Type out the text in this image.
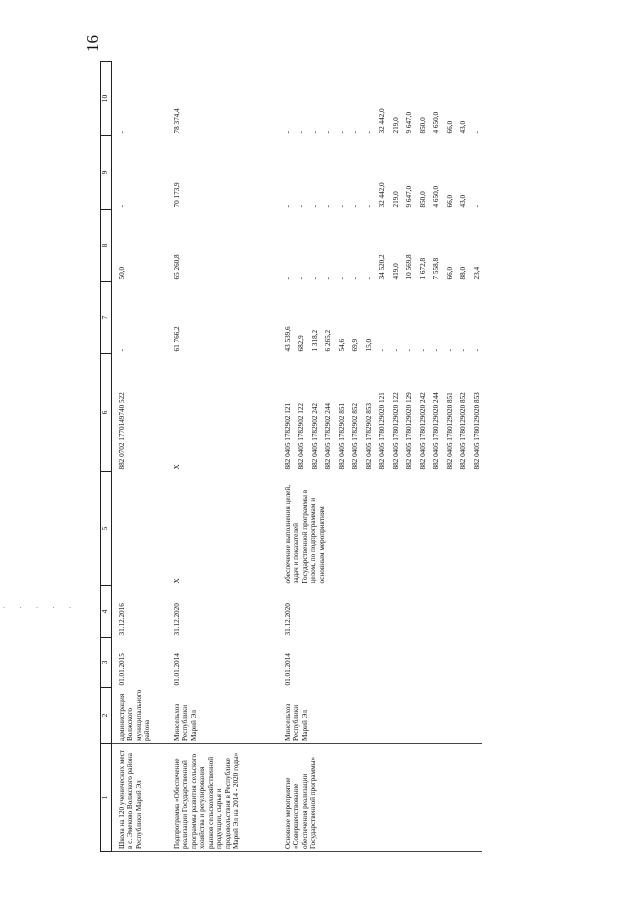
16
. . . . .
1	2	3	4	5	6	7	8	9	10
Школа на 120 ученических мест в с. Эмеково Волжского района Республики Марий Эл	администрация Волжского муниципального района	01.01.2015	31.12.2016		882 0702 1770149740 522	-	50,0	-	-
Подпрограмма «Обеспечение реализации Государственной программы развития сельского хозяйства и регулирования рынков сельскохозяйственной продукции, сырья и продовольствия в Республике Марий Эл на 2014 - 2020 годы»	Минсельхоз Республики Марий Эл	01.01.2014	31.12.2020	X	X	61 766,2	65 260,8	70 173,9	78 374,4
Основное мероприятие «Совершенствование обеспечения реализации Государственной программы»	Минсельхоз Республики Марий Эл	01.01.2014	31.12.2020	обеспечение выполнения целей, задач и показателей Государственной программы в целом, по подпрограммам и основным мероприятиям	882 0405 1782902 121	43 539,6	-	-	-
					882 0405 1782902 122	682,9	-	-	-
					882 0405 1782902 242	1 318,2	-	-	-
					882 0405 1782902 244	6 265,2	-	-	-
					882 0405 1782902 851	54,6	-	-	-
					882 0405 1782902 852	69,9	-	-	-
					882 0405 1782902 853	15,0	-	-	-
					882 0405 1780129020 121	-	34 520,2	32 442,0	32 442,0
					882 0405 1780129020 122	-	419,0	219,0	219,0
					882 0405 1780129020 129	-	10 569,8	9 647,0	9 647,0
					882 0405 1780129020 242	-	1 672,8	850,0	850,0
					882 0405 1780129020 244	-	7 558,8	4 650,0	4 650,0
					882 0405 1780129020 851	-	66,0	66,0	66,0
					882 0405 1780129020 852	-	88,0	43,0	43,0
					882 0405 1780129020 853	-	23,4	-	-
